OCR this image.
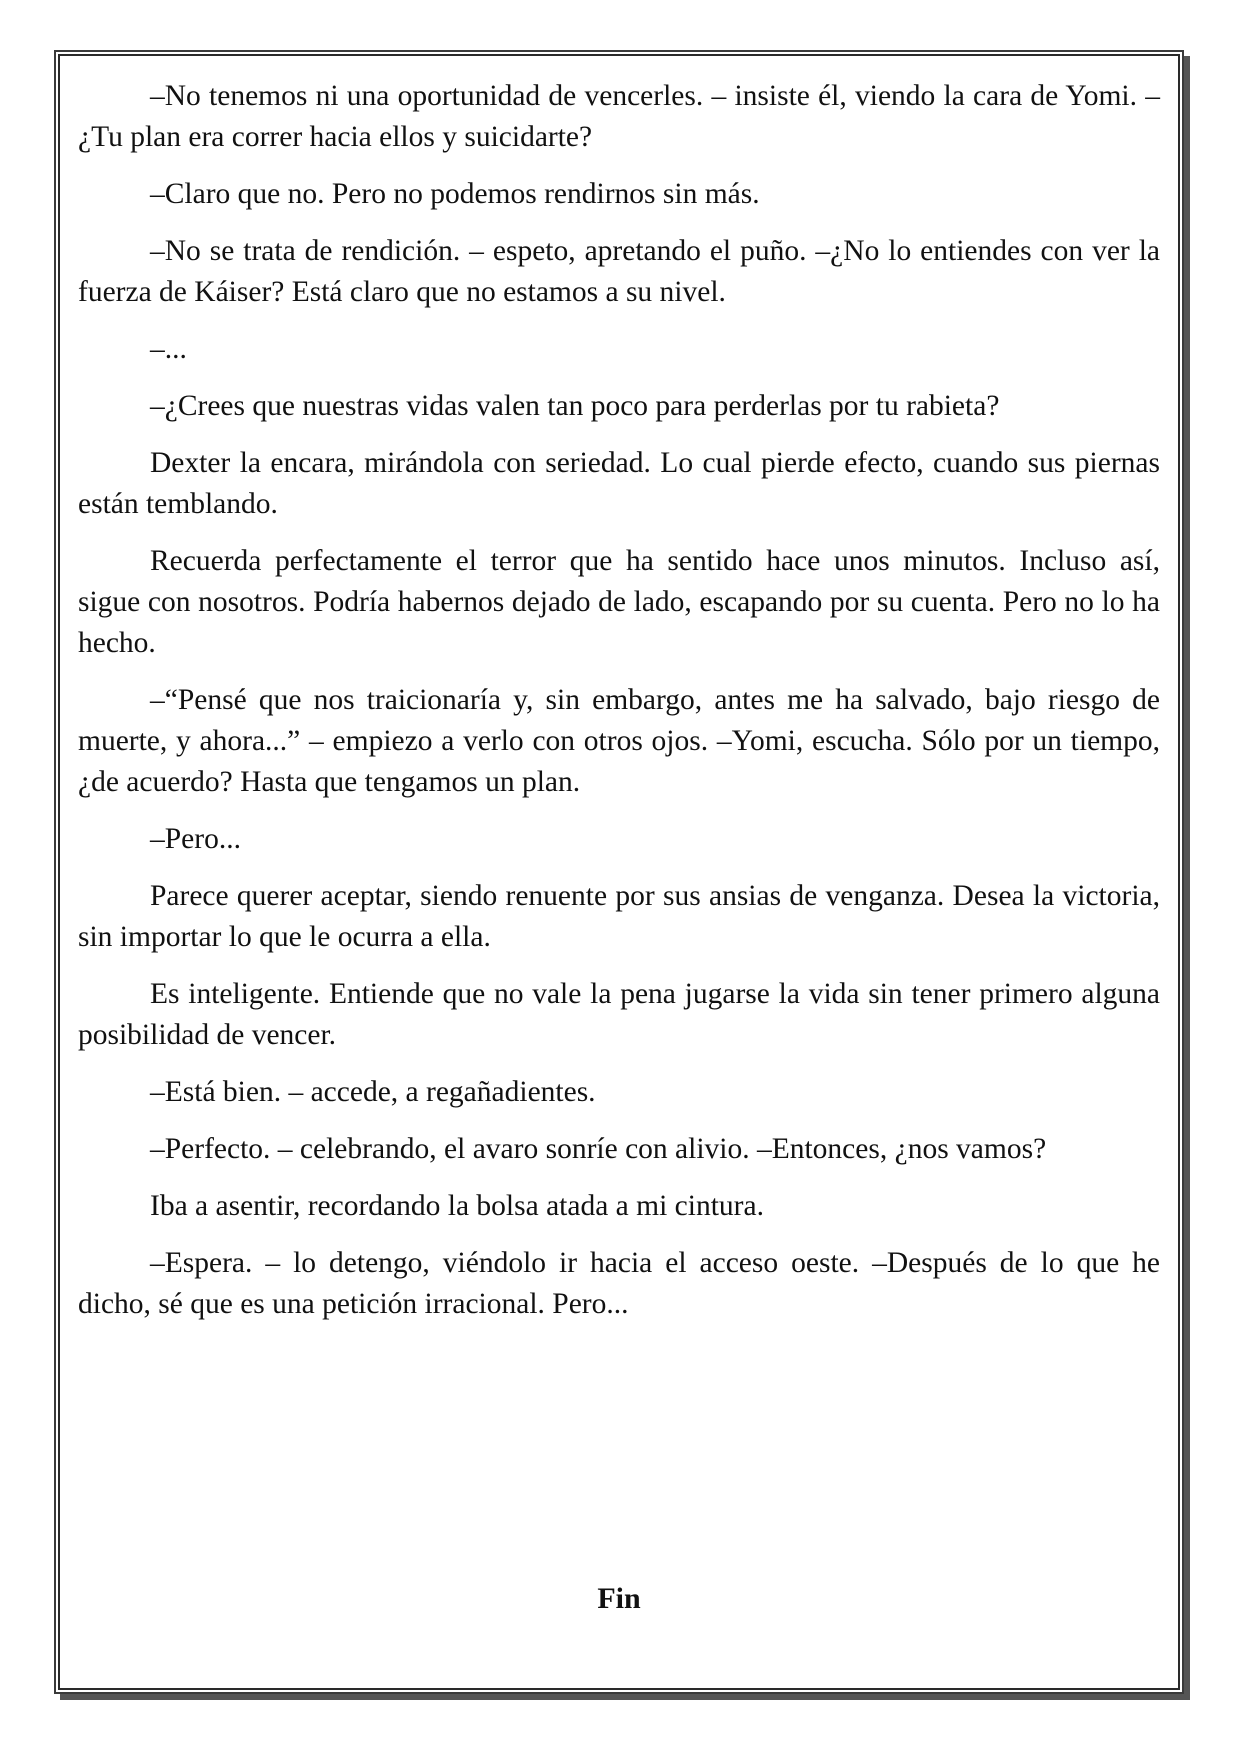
–No tenemos ni una oportunidad de vencerles. – insiste él, viendo la cara de Yomi. –¿Tu plan era correr hacia ellos y suicidarte?

–Claro que no. Pero no podemos rendirnos sin más.

–No se trata de rendición. – espeto, apretando el puño. –¿No lo entiendes con ver la fuerza de Káiser? Está claro que no estamos a su nivel.

–...

–¿Crees que nuestras vidas valen tan poco para perderlas por tu rabieta?

Dexter la encara, mirándola con seriedad. Lo cual pierde efecto, cuando sus piernas están temblando.

Recuerda perfectamente el terror que ha sentido hace unos minutos. Incluso así, sigue con nosotros. Podría habernos dejado de lado, escapando por su cuenta. Pero no lo ha hecho.

–“Pensé que nos traicionaría y, sin embargo, antes me ha salvado, bajo riesgo de muerte, y ahora...” – empiezo a verlo con otros ojos. –Yomi, escucha. Sólo por un tiempo, ¿de acuerdo? Hasta que tengamos un plan.

–Pero...

Parece querer aceptar, siendo renuente por sus ansias de venganza. Desea la victoria, sin importar lo que le ocurra a ella.

Es inteligente. Entiende que no vale la pena jugarse la vida sin tener primero alguna posibilidad de vencer.

–Está bien. – accede, a regañadientes.

–Perfecto. – celebrando, el avaro sonríe con alivio. –Entonces, ¿nos vamos?

Iba a asentir, recordando la bolsa atada a mi cintura.

–Espera. – lo detengo, viéndolo ir hacia el acceso oeste. –Después de lo que he dicho, sé que es una petición irracional. Pero...

Fin
